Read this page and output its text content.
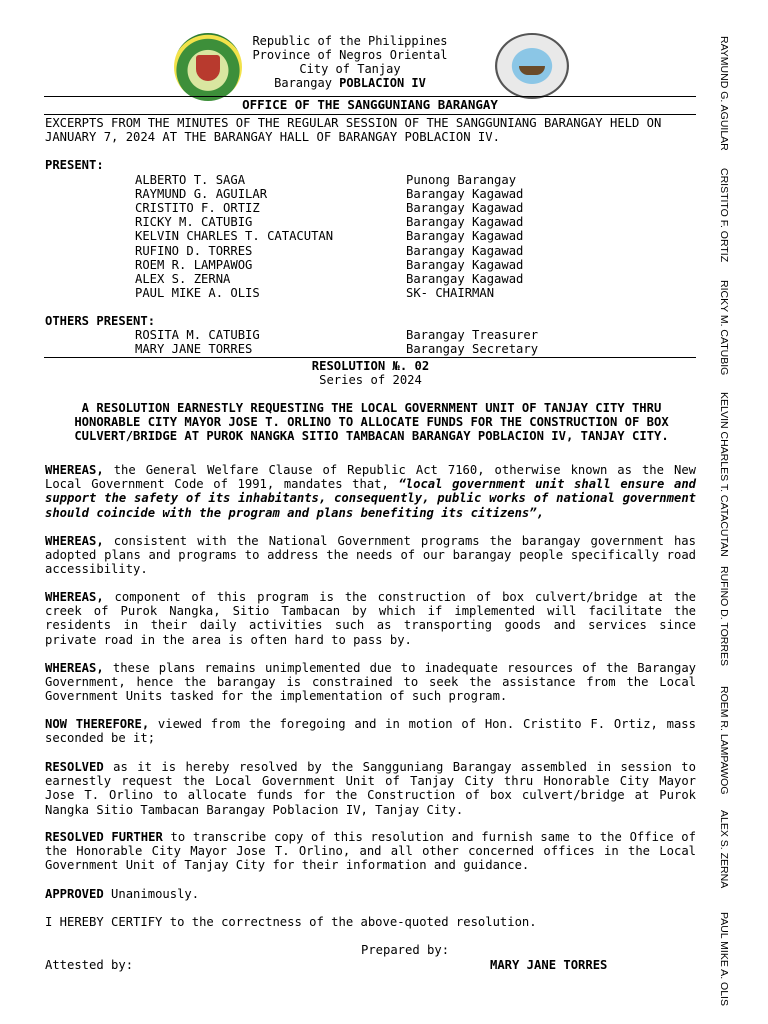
Republic of the Philippines
Province of Negros Oriental
City of Tanjay
Barangay POBLACION IV
OFFICE OF THE SANGGUNIANG BARANGAY
EXCERPTS FROM THE MINUTES OF THE REGULAR SESSION OF THE SANGGUNIANG BARANGAY HELD ON JANUARY 7, 2024 AT THE BARANGAY HALL OF BARANGAY POBLACION IV.
PRESENT:
ALBERTO T. SAGA	Punong Barangay
RAYMUND G. AGUILAR	Barangay Kagawad
CRISTITO F. ORTIZ	Barangay Kagawad
RICKY M. CATUBIG	Barangay Kagawad
KELVIN CHARLES T. CATACUTAN	Barangay Kagawad
RUFINO D. TORRES	Barangay Kagawad
ROEM R. LAMPAWOG	Barangay Kagawad
ALEX S. ZERNA	Barangay Kagawad
PAUL MIKE A. OLIS	SK- CHAIRMAN
OTHERS PRESENT:
ROSITA M. CATUBIG	Barangay Treasurer
MARY JANE TORRES	Barangay Secretary
RESOLUTION №. 02
Series of 2024
A RESOLUTION EARNESTLY REQUESTING THE LOCAL GOVERNMENT UNIT OF TANJAY CITY THRU HONORABLE CITY MAYOR JOSE T. ORLINO TO ALLOCATE FUNDS FOR THE CONSTRUCTION OF BOX CULVERT/BRIDGE AT PUROK NANGKA SITIO TAMBACAN BARANGAY POBLACION IV, TANJAY CITY.
WHEREAS, the General Welfare Clause of Republic Act 7160, otherwise known as the New Local Government Code of 1991, mandates that, “local government unit shall ensure and support the safety of its inhabitants, consequently, public works of national government should coincide with the program and plans benefiting its citizens”,
WHEREAS, consistent with the National Government programs the barangay government has adopted plans and programs to address the needs of our barangay people specifically road accessibility.
WHEREAS, component of this program is the construction of box culvert/bridge at the creek of Purok Nangka, Sitio Tambacan by which if implemented will facilitate the residents in their daily activities such as transporting goods and services since private road in the area is often hard to pass by.
WHEREAS, these plans remains unimplemented due to inadequate resources of the Barangay Government, hence the barangay is constrained to seek the assistance from the Local Government Units tasked for the implementation of such program.
NOW THEREFORE, viewed from the foregoing and in motion of Hon. Cristito F. Ortiz, mass seconded be it;
RESOLVED as it is hereby resolved by the Sangguniang Barangay assembled in session to earnestly request the Local Government Unit of Tanjay City thru Honorable City Mayor Jose T. Orlino to allocate funds for the Construction of box culvert/bridge at Purok Nangka Sitio Tambacan Barangay Poblacion IV, Tanjay City.
RESOLVED FURTHER to transcribe copy of this resolution and furnish same to the Office of the Honorable City Mayor Jose T. Orlino, and all other concerned offices in the Local Government Unit of Tanjay City for their information and guidance.
APPROVED Unanimously.
I HEREBY CERTIFY to the correctness of the above-quoted resolution.
Prepared by:
Attested by:	MARY JANE TORRES
RAYMUND G. AGUILAR
CRISTITO F. ORTIZ
RICKY M. CATUBIG
KELVIN CHARLES T. CATACUTAN
RUFINO D. TORRES
ROEM R. LAMPAWOG
ALEX S. ZERNA
PAUL MIKE A. OLIS
